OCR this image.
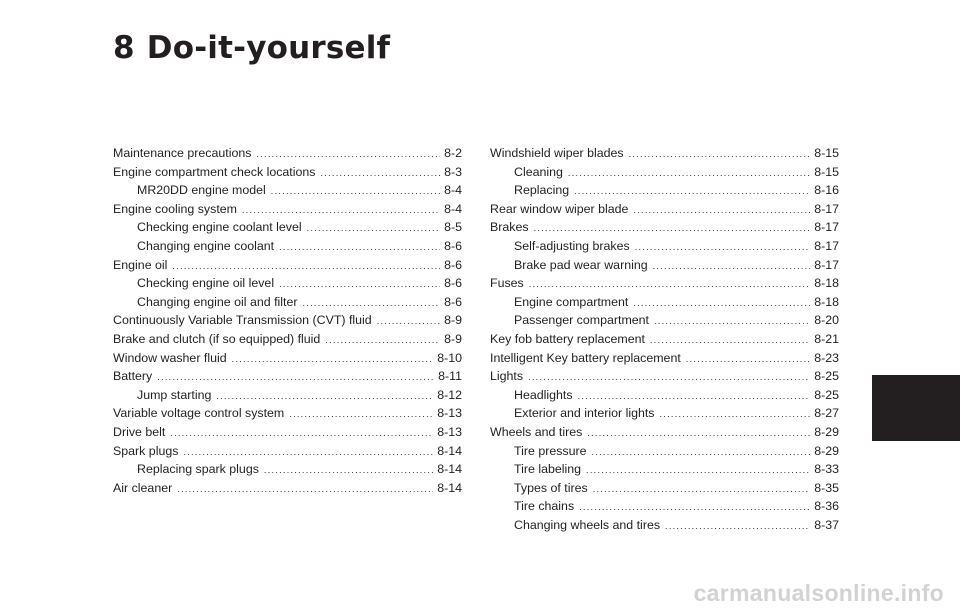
8 Do-it-yourself
Maintenance precautions .....	8-2
Engine compartment check locations .....	8-3
MR20DD engine model .....	8-4
Engine cooling system .....	8-4
Checking engine coolant level .....	8-5
Changing engine coolant .....	8-6
Engine oil .....	8-6
Checking engine oil level .....	8-6
Changing engine oil and filter .....	8-6
Continuously Variable Transmission (CVT) fluid .....	8-9
Brake and clutch (if so equipped) fluid .....	8-9
Window washer fluid .....	8-10
Battery .....	8-11
Jump starting .....	8-12
Variable voltage control system .....	8-13
Drive belt .....	8-13
Spark plugs .....	8-14
Replacing spark plugs .....	8-14
Air cleaner .....	8-14
Windshield wiper blades .....	8-15
Cleaning .....	8-15
Replacing .....	8-16
Rear window wiper blade .....	8-17
Brakes .....	8-17
Self-adjusting brakes .....	8-17
Brake pad wear warning .....	8-17
Fuses .....	8-18
Engine compartment .....	8-18
Passenger compartment .....	8-20
Key fob battery replacement .....	8-21
Intelligent Key battery replacement .....	8-23
Lights .....	8-25
Headlights .....	8-25
Exterior and interior lights .....	8-27
Wheels and tires .....	8-29
Tire pressure .....	8-29
Tire labeling .....	8-33
Types of tires .....	8-35
Tire chains .....	8-36
Changing wheels and tires .....	8-37
carmanualsonline.info
